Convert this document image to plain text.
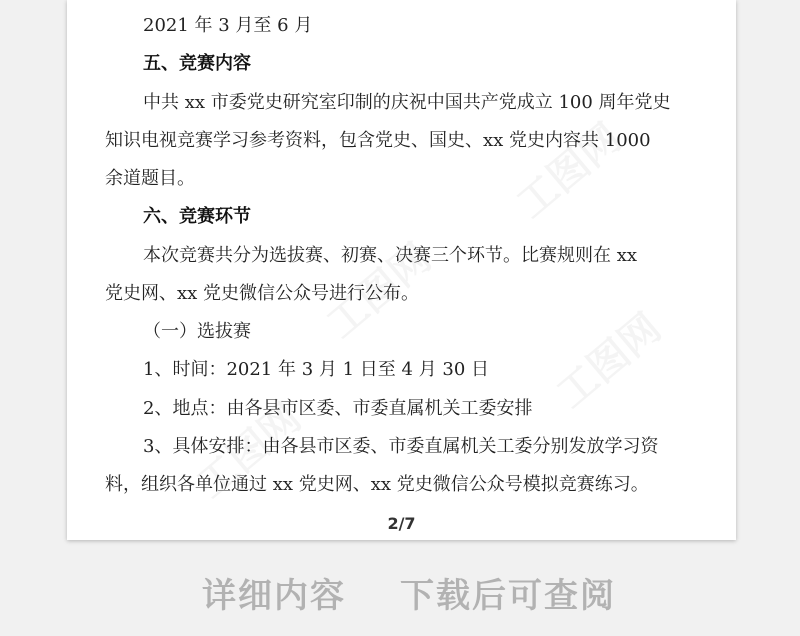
2021 年 3 月至 6 月
五、竞赛内容
中共 xx 市委党史研究室印制的庆祝中国共产党成立 100 周年党史
知识电视竞赛学习参考资料，包含党史、国史、xx 党史内容共 1000
余道题目。
六、竞赛环节
本次竞赛共分为选拔赛、初赛、决赛三个环节。比赛规则在 xx
党史网、xx 党史微信公众号进行公布。
（一）选拔赛
1、时间：2021 年 3 月 1 日至 4 月 30 日
2、地点：由各县市区委、市委直属机关工委安排
3、具体安排：由各县市区委、市委直属机关工委分别发放学习资
料，组织各单位通过 xx 党史网、xx 党史微信公众号模拟竞赛练习。
2/7
详细内容 下载后可查阅
